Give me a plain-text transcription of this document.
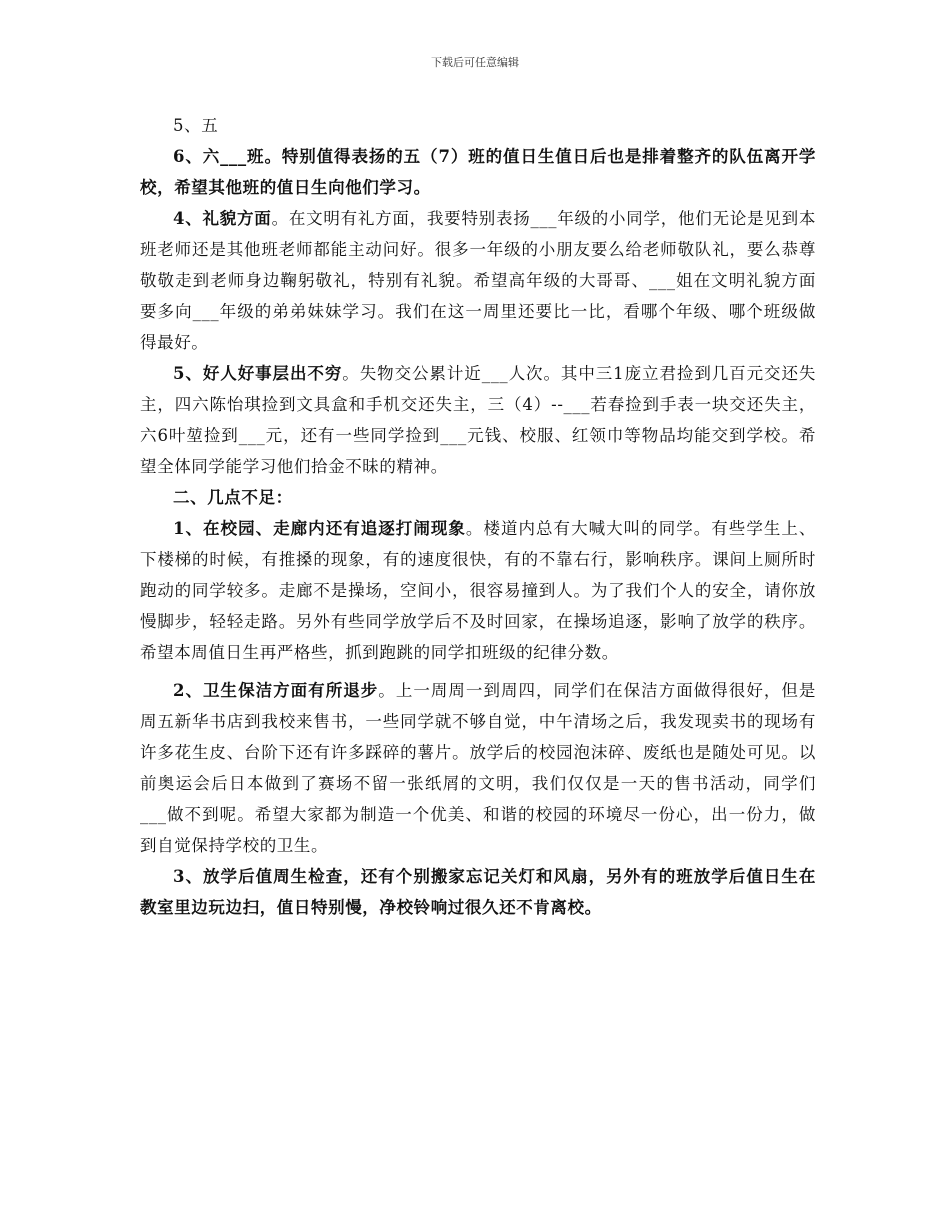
下载后可任意编辑

5、五

6、六___班。特别值得表扬的五（7）班的值日生值日后也是排着整齐的队伍离开学校，希望其他班的值日生向他们学习。

4、礼貌方面。在文明有礼方面，我要特别表扬___年级的小同学，他们无论是见到本班老师还是其他班老师都能主动问好。很多一年级的小朋友要么给老师敬队礼，要么恭尊敬敬走到老师身边鞠躬敬礼，特别有礼貌。希望高年级的大哥哥、___姐在文明礼貌方面要多向___年级的弟弟妹妹学习。我们在这一周里还要比一比，看哪个年级、哪个班级做得最好。

5、好人好事层出不穷。失物交公累计近___人次。其中三1庞立君捡到几百元交还失主，四六陈怡琪捡到文具盒和手机交还失主，三（4）--___若春捡到手表一块交还失主，六6叶堃捡到___元，还有一些同学捡到___元钱、校服、红领巾等物品均能交到学校。希望全体同学能学习他们拾金不昧的精神。

二、几点不足：

1、在校园、走廊内还有追逐打闹现象。楼道内总有大喊大叫的同学。有些学生上、下楼梯的时候，有推搡的现象，有的速度很快，有的不靠右行，影响秩序。课间上厕所时跑动的同学较多。走廊不是操场，空间小，很容易撞到人。为了我们个人的安全，请你放慢脚步，轻轻走路。另外有些同学放学后不及时回家，在操场追逐，影响了放学的秩序。希望本周值日生再严格些，抓到跑跳的同学扣班级的纪律分数。

2、卫生保洁方面有所退步。上一周周一到周四，同学们在保洁方面做得很好，但是周五新华书店到我校来售书，一些同学就不够自觉，中午清场之后，我发现卖书的现场有许多花生皮、台阶下还有许多踩碎的薯片。放学后的校园泡沫碎、废纸也是随处可见。以前奥运会后日本做到了赛场不留一张纸屑的文明，我们仅仅是一天的售书活动，同学们___做不到呢。希望大家都为制造一个优美、和谐的校园的环境尽一份心，出一份力，做到自觉保持学校的卫生。

3、放学后值周生检查，还有个别搬家忘记关灯和风扇，另外有的班放学后值日生在教室里边玩边扫，值日特别慢，净校铃响过很久还不肯离校。
